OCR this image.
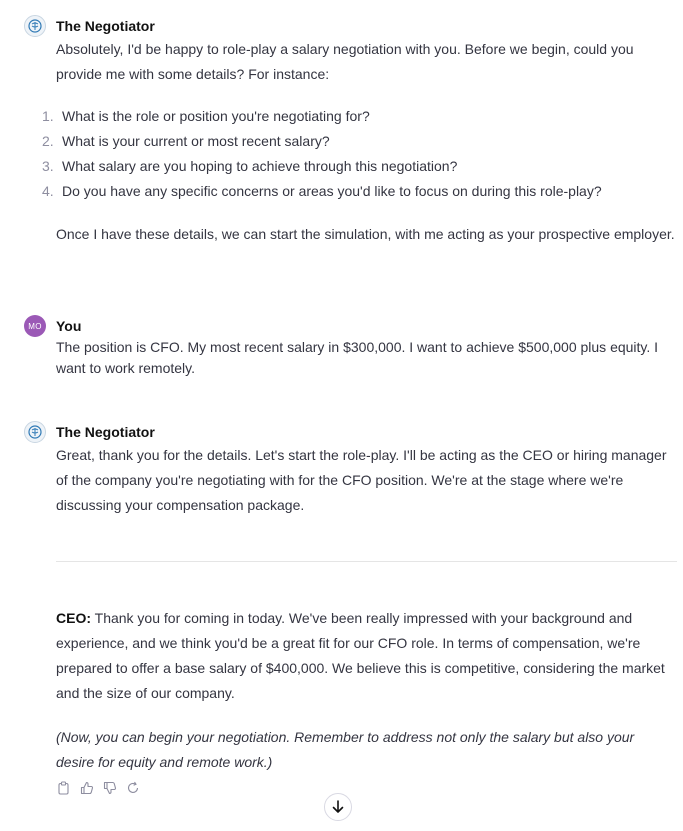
The Negotiator

Absolutely, I'd be happy to role-play a salary negotiation with you. Before we begin, could you provide me with some details? For instance:

1. What is the role or position you're negotiating for?
2. What is your current or most recent salary?
3. What salary are you hoping to achieve through this negotiation?
4. Do you have any specific concerns or areas you'd like to focus on during this role-play?

Once I have these details, we can start the simulation, with me acting as your prospective employer.

MO	You

The position is CFO. My most recent salary in $300,000. I want to achieve $500,000 plus equity. I want to work remotely.

The Negotiator

Great, thank you for the details. Let's start the role-play. I'll be acting as the CEO or hiring manager of the company you're negotiating with for the CFO position. We're at the stage where we're discussing your compensation package.

CEO: Thank you for coming in today. We've been really impressed with your background and experience, and we think you'd be a great fit for our CFO role. In terms of compensation, we're prepared to offer a base salary of $400,000. We believe this is competitive, considering the market and the size of our company.

(Now, you can begin your negotiation. Remember to address not only the salary but also your desire for equity and remote work.)
